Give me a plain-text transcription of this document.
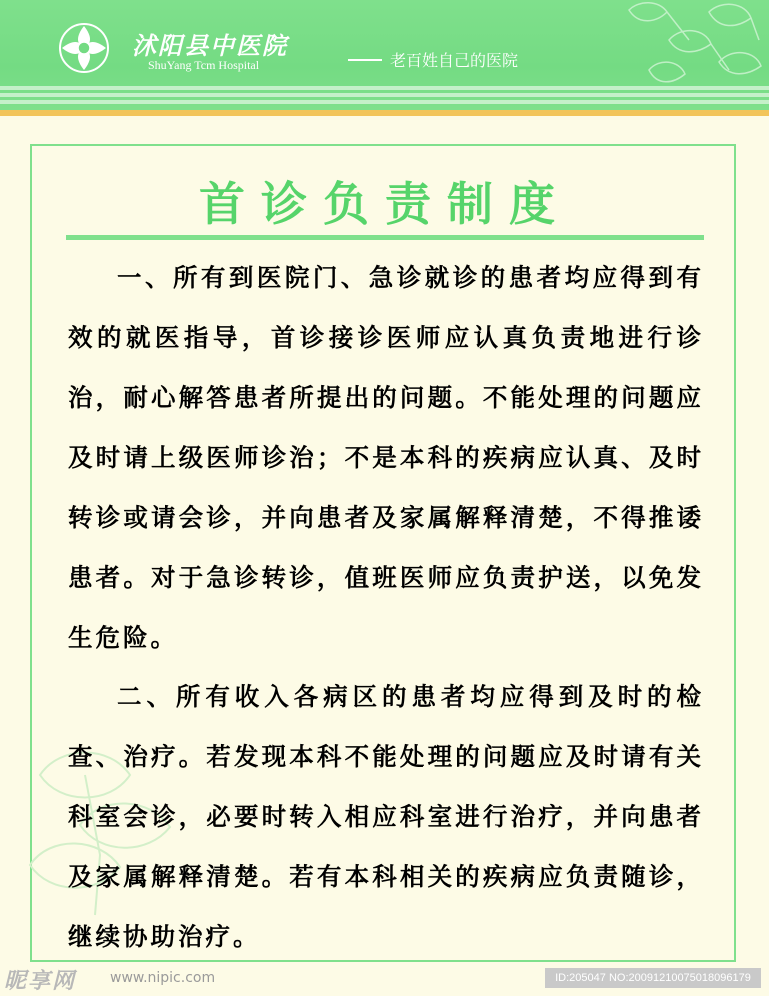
沭阳县中医院
ShuYang Tcm Hospital	老百姓自己的医院
首诊负责制度

一、所有到医院门、急诊就诊的患者均应得到有效的就医指导，首诊接诊医师应认真负责地进行诊治，耐心解答患者所提出的问题。不能处理的问题应及时请上级医师诊治；不是本科的疾病应认真、及时转诊或请会诊，并向患者及家属解释清楚，不得推诿患者。对于急诊转诊，值班医师应负责护送，以免发生危险。

二、所有收入各病区的患者均应得到及时的检查、治疗。若发现本科不能处理的问题应及时请有关科室会诊，必要时转入相应科室进行治疗，并向患者及家属解释清楚。若有本科相关的疾病应负责随诊，继续协助治疗。

昵享网 www.nipic.com	ID:205047 NO:20091210075018096179
